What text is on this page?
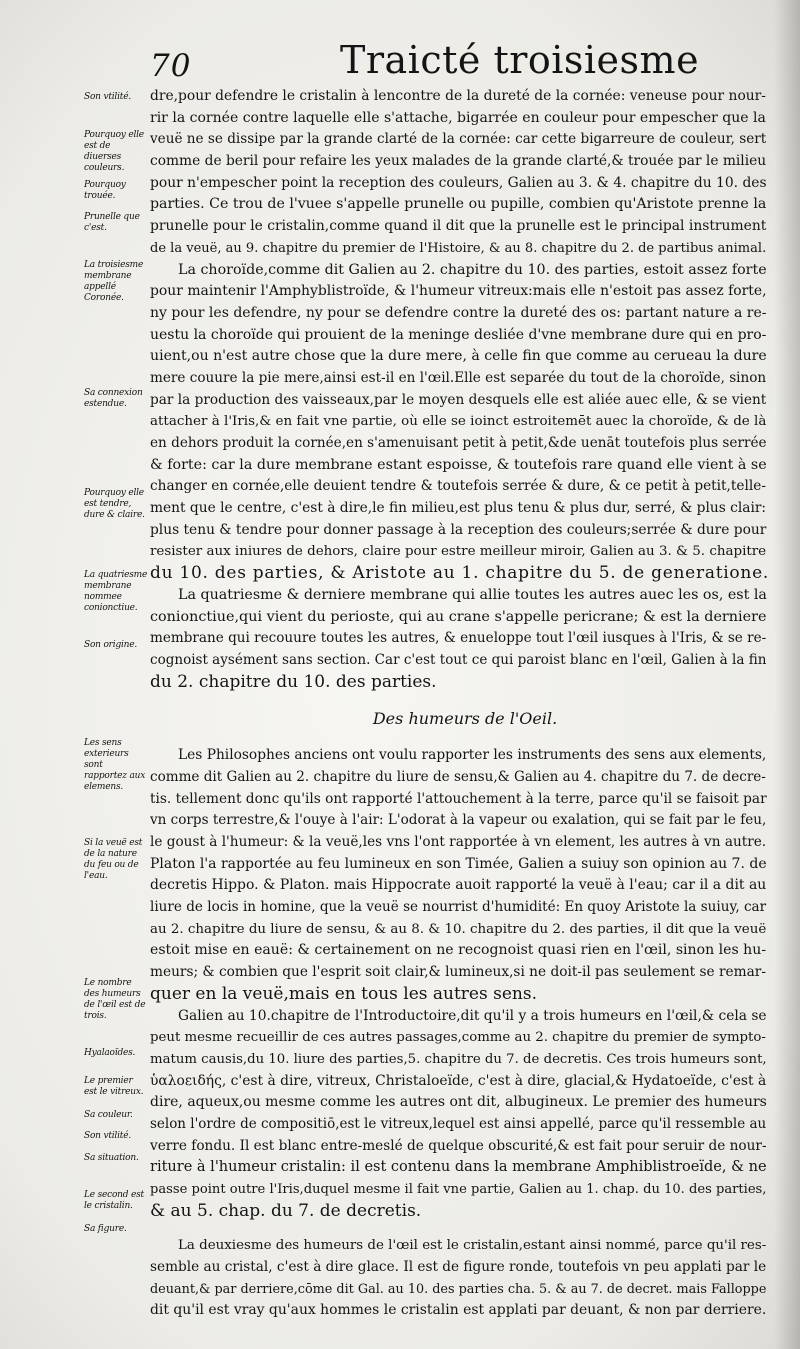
70	Traicté troisiesme
dre,pour defendre le cristalin à lencontre de la dureté de la cornée: veneuse pour nour-
rir la cornée contre laquelle elle s'attache, bigarrée en couleur pour empescher que la
veuë ne se dissipe par la grande clarté de la cornée: car cette bigarreure de couleur, sert
comme de beril pour refaire les yeux malades de la grande clarté,& trouée par le milieu
pour n'empescher point la reception des couleurs, Galien au 3. & 4. chapitre du 10. des
parties. Ce trou de l'vuee s'appelle prunelle ou pupille, combien qu'Aristote prenne la
prunelle pour le cristalin,comme quand il dit que la prunelle est le principal instrument
de la veuë, au 9. chapitre du premier de l'Histoire, & au 8. chapitre du 2. de partibus animal.
La choroïde,comme dit Galien au 2. chapitre du 10. des parties, estoit assez forte
pour maintenir l'Amphyblistroïde, & l'humeur vitreux:mais elle n'estoit pas assez forte,
ny pour les defendre, ny pour se defendre contre la dureté des os: partant nature a re-
uestu la choroïde qui prouient de la meninge desliée d'vne membrane dure qui en pro-
uient,ou n'est autre chose que la dure mere, à celle fin que comme au cerueau la dure
mere couure la pie mere,ainsi est-il en l'œil.Elle est separée du tout de la choroïde, sinon
par la production des vaisseaux,par le moyen desquels elle est aliée auec elle, & se vient
attacher à l'Iris,& en fait vne partie, où elle se ioinct estroitemēt auec la choroïde, & de là
en dehors produit la cornée,en s'amenuisant petit à petit,&de uenāt toutefois plus serrée
& forte: car la dure membrane estant espoisse, & toutefois rare quand elle vient à se
changer en cornée,elle deuient tendre & toutefois serrée & dure, & ce petit à petit,telle-
ment que le centre, c'est à dire,le fin milieu,est plus tenu & plus dur, serré, & plus clair:
plus tenu & tendre pour donner passage à la reception des couleurs;serrée & dure pour
resister aux iniures de dehors, claire pour estre meilleur miroir, Galien au 3. & 5. chapitre
du 10. des parties, & Aristote au 1. chapitre du 5. de generatione.
La quatriesme & derniere membrane qui allie toutes les autres auec les os, est la
conionctiue,qui vient du perioste, qui au crane s'appelle pericrane; & est la derniere
membrane qui recouure toutes les autres, & enueloppe tout l'œil iusques à l'Iris, & se re-
cognoist aysément sans section. Car c'est tout ce qui paroist blanc en l'œil, Galien à la fin
du 2. chapitre du 10. des parties.
Des humeurs de l'Oeil.
Les Philosophes anciens ont voulu rapporter les instruments des sens aux elements,
comme dit Galien au 2. chapitre du liure de sensu,& Galien au 4. chapitre du 7. de decre-
tis. tellement donc qu'ils ont rapporté l'attouchement à la terre, parce qu'il se faisoit par
vn corps terrestre,& l'ouye à l'air: L'odorat à la vapeur ou exalation, qui se fait par le feu,
le goust à l'humeur: & la veuë,les vns l'ont rapportée à vn element, les autres à vn autre.
Platon l'a rapportée au feu lumineux en son Timée, Galien a suiuy son opinion au 7. de
decretis Hippo. & Platon. mais Hippocrate auoit rapporté la veuë à l'eau; car il a dit au
liure de locis in homine, que la veuë se nourrist d'humidité: En quoy Aristote la suiuy, car
au 2. chapitre du liure de sensu, & au 8. & 10. chapitre du 2. des parties, il dit que la veuë
estoit mise en eauë: & certainement on ne recognoist quasi rien en l'œil, sinon les hu-
meurs; & combien que l'esprit soit clair,& lumineux,si ne doit-il pas seulement se remar-
quer en la veuë,mais en tous les autres sens.
Galien au 10.chapitre de l'Introductoire,dit qu'il y a trois humeurs en l'œil,& cela se
peut mesme recueillir de ces autres passages,comme au 2. chapitre du premier de sympto-
matum causis,du 10. liure des parties,5. chapitre du 7. de decretis. Ces trois humeurs sont,
ὑαλοειδής, c'est à dire, vitreux, Christaloeïde, c'est à dire, glacial,& Hydatoeïde, c'est à
dire, aqueux,ou mesme comme les autres ont dit, albugineux. Le premier des humeurs
selon l'ordre de compositiō,est le vitreux,lequel est ainsi appellé, parce qu'il ressemble au
verre fondu. Il est blanc entre-meslé de quelque obscurité,& est fait pour seruir de nour-
riture à l'humeur cristalin: il est contenu dans la membrane Amphiblistroeïde, & ne
passe point outre l'Iris,duquel mesme il fait vne partie, Galien au 1. chap. du 10. des parties,
& au 5. chap. du 7. de decretis.
La deuxiesme des humeurs de l'œil est le cristalin,estant ainsi nommé, parce qu'il res-
semble au cristal, c'est à dire glace. Il est de figure ronde, toutefois vn peu applati par le
deuant,& par derriere,cōme dit Gal. au 10. des parties cha. 5. & au 7. de decret. mais Falloppe
dit qu'il est vray qu'aux hommes le cristalin est applati par deuant, & non par derriere.
Son vtilité.
Pourquoy elle est de diuerses couleurs.
Pourquoy trouée.
Prunelle que c'est.
La troisiesme membrane appellé Coronée.
Sa connexion estendue.
Pourquoy elle est tendre, dure & claire.
La quatriesme membrane nommee conionctiue.
Son origine.
Les sens exterieurs sont rapportez aux elemens.
Si la veuë est de la nature du feu ou de l'eau.
Le nombre des humeurs de l'œil est de trois.
Hyalaoïdes.
Le premier est le vitreux.
Sa couleur.
Son vtilité.
Sa situation.
Le second est le cristalin.
Sa figure.
